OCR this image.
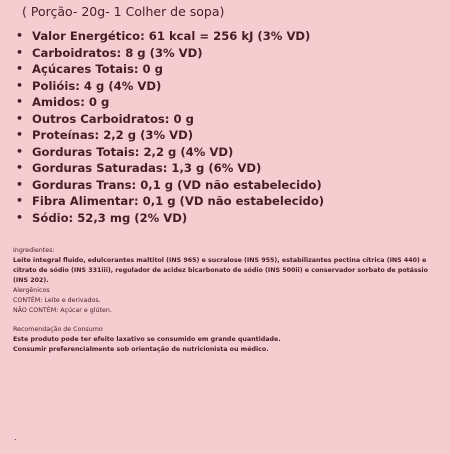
( Porção- 20g- 1 Colher de sopa)
• Valor Energético: 61 kcal = 256 kJ (3% VD)
• Carboidratos: 8 g (3% VD)
• Açúcares Totais: 0 g
• Polióis: 4 g (4% VD)
• Amidos: 0 g
• Outros Carboidratos: 0 g
• Proteínas: 2,2 g (3% VD)
• Gorduras Totais: 2,2 g (4% VD)
• Gorduras Saturadas: 1,3 g (6% VD)
• Gorduras Trans: 0,1 g (VD não estabelecido)
• Fibra Alimentar: 0,1 g (VD não estabelecido)
• Sódio: 52,3 mg (2% VD)
Ingredientes:
Leite integral fluido, edulcorantes maltitol (INS 965) e sucralose (INS 955), estabilizantes pectina cítrica (INS 440) e citrato de sódio (INS 331iii), regulador de acidez bicarbonato de sódio (INS 500ii) e conservador sorbato de potássio (INS 202).
Alergênicos
CONTÉM: Leite e derivados.
NÃO CONTÉM: Açúcar e glúten.
Recomendação de Consumo
Este produto pode ter efeito laxativo se consumido em grande quantidade.
Consumir preferencialmente sob orientação de nutricionista ou médico.
.
